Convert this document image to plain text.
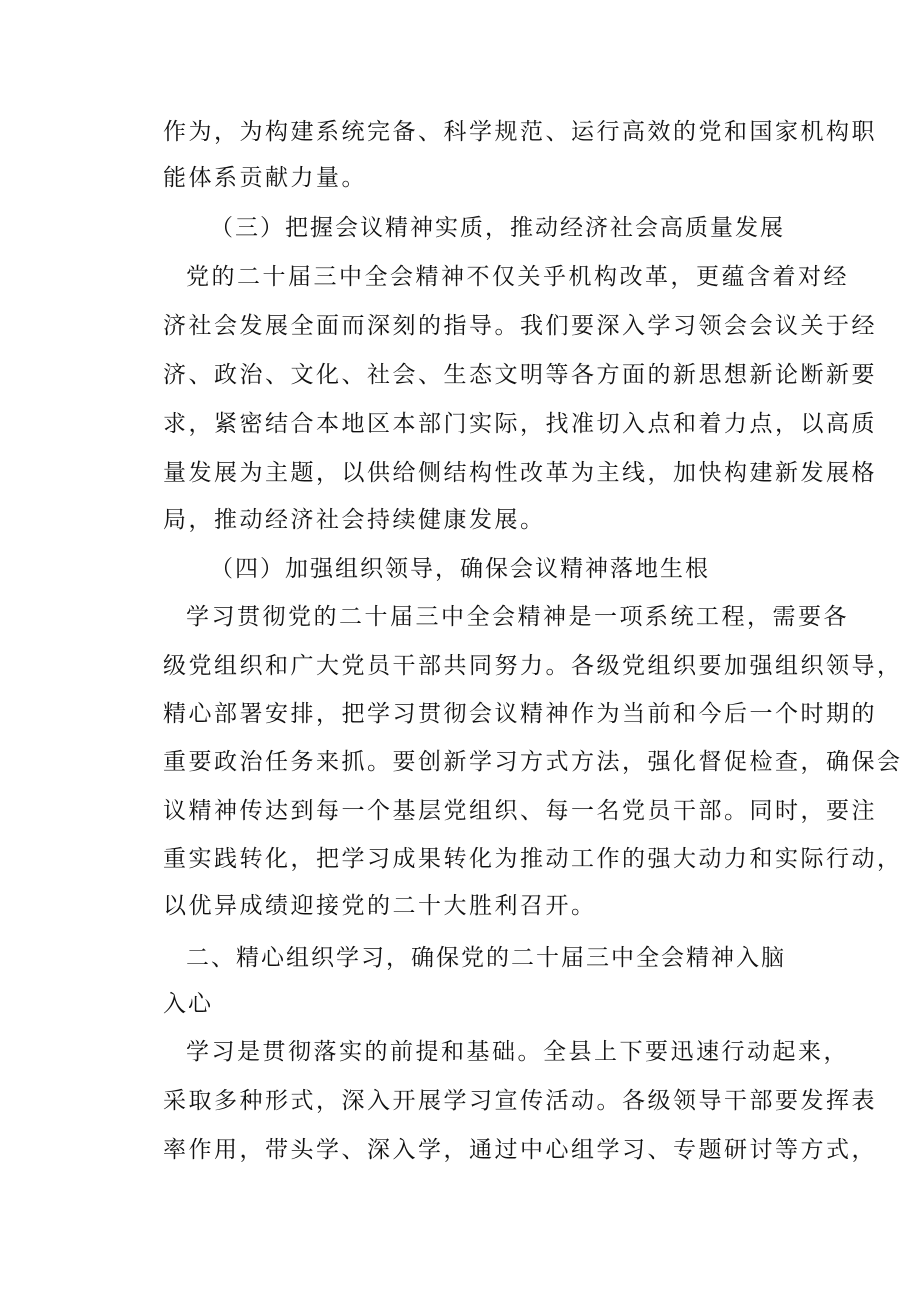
作为，为构建系统完备、科学规范、运行高效的党和国家机构职

能体系贡献力量。

（三）把握会议精神实质，推动经济社会高质量发展

党的二十届三中全会精神不仅关乎机构改革，更蕴含着对经

济社会发展全面而深刻的指导。我们要深入学习领会会议关于经

济、政治、文化、社会、生态文明等各方面的新思想新论断新要

求，紧密结合本地区本部门实际，找准切入点和着力点，以高质

量发展为主题，以供给侧结构性改革为主线，加快构建新发展格

局，推动经济社会持续健康发展。

（四）加强组织领导，确保会议精神落地生根

学习贯彻党的二十届三中全会精神是一项系统工程，需要各

级党组织和广大党员干部共同努力。各级党组织要加强组织领导，

精心部署安排，把学习贯彻会议精神作为当前和今后一个时期的

重要政治任务来抓。要创新学习方式方法，强化督促检查，确保会

议精神传达到每一个基层党组织、每一名党员干部。同时，要注

重实践转化，把学习成果转化为推动工作的强大动力和实际行动，

以优异成绩迎接党的二十大胜利召开。

二、精心组织学习，确保党的二十届三中全会精神入脑

入心

学习是贯彻落实的前提和基础。全县上下要迅速行动起来，

采取多种形式，深入开展学习宣传活动。各级领导干部要发挥表

率作用，带头学、深入学，通过中心组学习、专题研讨等方式，
